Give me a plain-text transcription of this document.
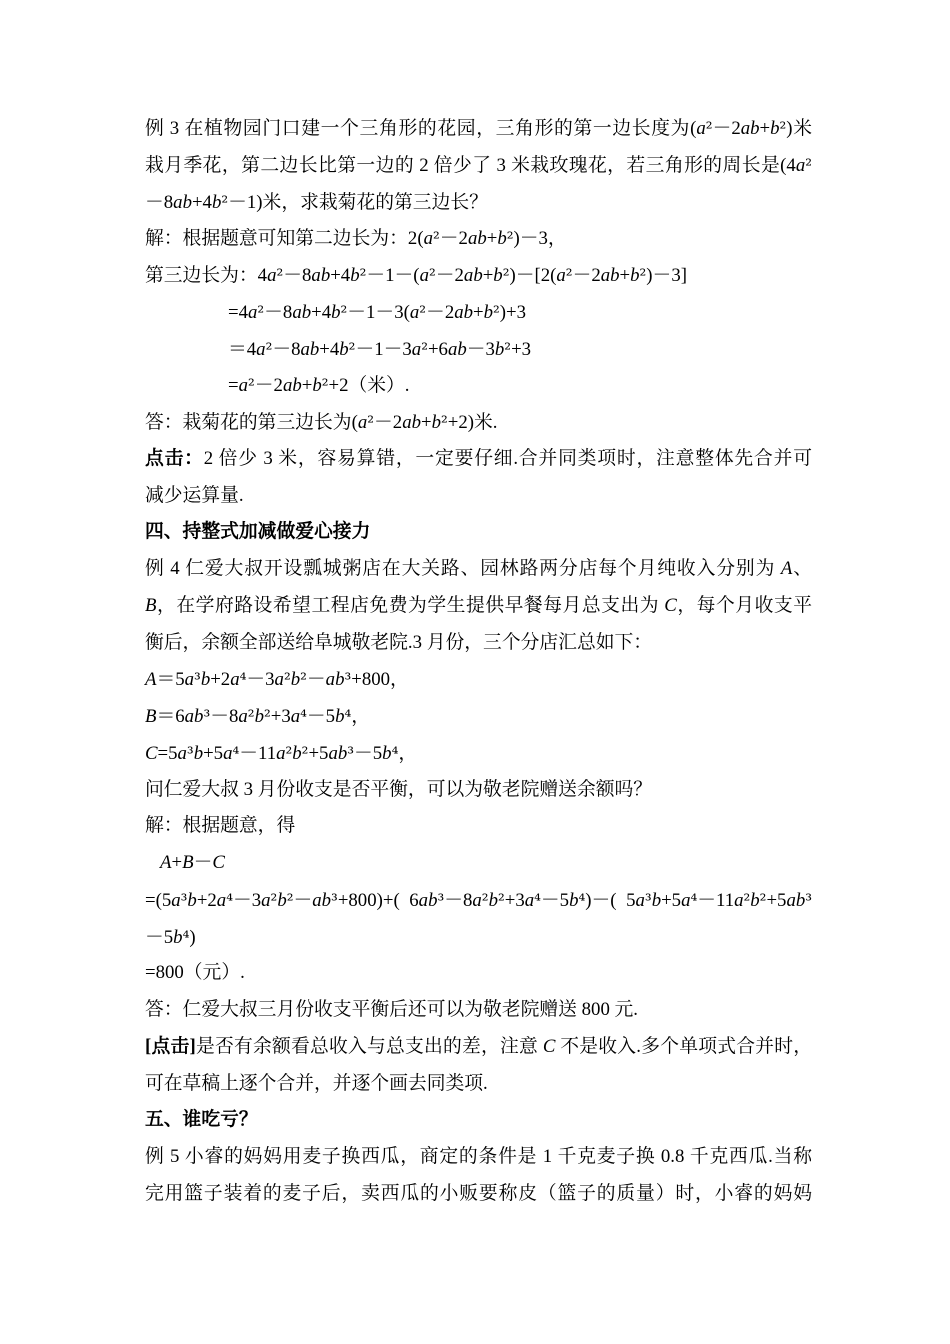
例 3 在植物园门口建一个三角形的花园，三角形的第一边长度为(a²－2ab+b²)米
栽月季花，第二边长比第一边的 2 倍少了 3 米栽玫瑰花，若三角形的周长是(4a²
－8ab+4b²－1)米，求栽菊花的第三边长？
解：根据题意可知第二边长为：2(a²－2ab+b²)－3，
第三边长为：4a²－8ab+4b²－1－(a²－2ab+b²)－[2(a²－2ab+b²)－3]
=4a²－8ab+4b²－1－3(a²－2ab+b²)+3
＝4a²－8ab+4b²－1－3a²+6ab－3b²+3
=a²－2ab+b²+2（米）.
答：栽菊花的第三边长为(a²－2ab+b²+2)米.
点击：2 倍少 3 米，容易算错，一定要仔细.合并同类项时，注意整体先合并可
减少运算量.
四、持整式加减做爱心接力
例 4 仁爱大叔开设瓢城粥店在大关路、园林路两分店每个月纯收入分别为 A、
B，在学府路设希望工程店免费为学生提供早餐每月总支出为 C，每个月收支平
衡后，余额全部送给阜城敬老院.3 月份，三个分店汇总如下：
A＝5a³b+2a⁴－3a²b²－ab³+800，
B＝6ab³－8a²b²+3a⁴－5b⁴，
C=5a³b+5a⁴－11a²b²+5ab³－5b⁴，
问仁爱大叔 3 月份收支是否平衡，可以为敬老院赠送余额吗？
解：根据题意，得
A+B－C
=(5a³b+2a⁴－3a²b²－ab³+800)+( 6ab³－8a²b²+3a⁴－5b⁴)－( 5a³b+5a⁴－11a²b²+5ab³
－5b⁴)
=800（元）.
答：仁爱大叔三月份收支平衡后还可以为敬老院赠送 800 元.
[点击]是否有余额看总收入与总支出的差，注意 C 不是收入.多个单项式合并时，
可在草稿上逐个合并，并逐个画去同类项.
五、谁吃亏？
例 5 小睿的妈妈用麦子换西瓜，商定的条件是 1 千克麦子换 0.8 千克西瓜.当称
完用篮子装着的麦子后，卖西瓜的小贩要称皮（篮子的质量）时，小睿的妈妈
